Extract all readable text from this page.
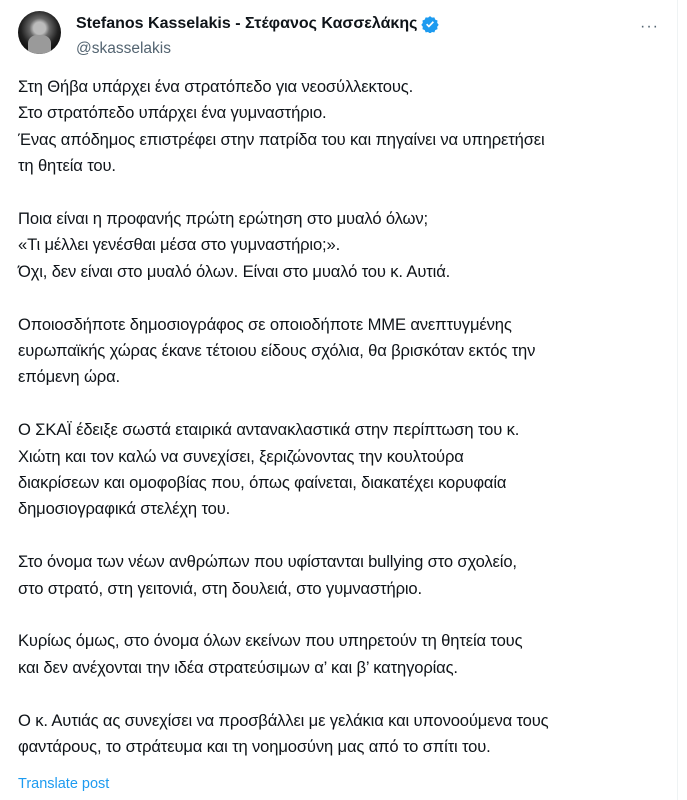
Stefanos Kasselakis - Στέφανος Κασσελάκης
@skasselakis
···
Στη Θήβα υπάρχει ένα στρατόπεδο για νεοσύλλεκτους.
Στο στρατόπεδο υπάρχει ένα γυμναστήριο.
Ένας απόδημος επιστρέφει στην πατρίδα του και πηγαίνει να υπηρετήσει
τη θητεία του.
Ποια είναι η προφανής πρώτη ερώτηση στο μυαλό όλων;
«Τι μέλλει γενέσθαι μέσα στο γυμναστήριο;».
Όχι, δεν είναι στο μυαλό όλων. Είναι στο μυαλό του κ. Αυτιά.
Οποιοσδήποτε δημοσιογράφος σε οποιοδήποτε ΜΜΕ ανεπτυγμένης
ευρωπαϊκής χώρας έκανε τέτοιου είδους σχόλια, θα βρισκόταν εκτός την
επόμενη ώρα.
Ο ΣΚΑΪ έδειξε σωστά εταιρικά αντανακλαστικά στην περίπτωση του κ.
Χιώτη και τον καλώ να συνεχίσει, ξεριζώνοντας την κουλτούρα
διακρίσεων και ομοφοβίας που, όπως φαίνεται, διακατέχει κορυφαία
δημοσιογραφικά στελέχη του.
Στο όνομα των νέων ανθρώπων που υφίστανται bullying στο σχολείο,
στο στρατό, στη γειτονιά, στη δουλειά, στο γυμναστήριο.
Κυρίως όμως, στο όνομα όλων εκείνων που υπηρετούν τη θητεία τους
και δεν ανέχονται την ιδέα στρατεύσιμων α’ και β’ κατηγορίας.
Ο κ. Αυτιάς ας συνεχίσει να προσβάλλει με γελάκια και υπονοούμενα τους
φαντάρους, το στράτευμα και τη νοημοσύνη μας από το σπίτι του.
Translate post
